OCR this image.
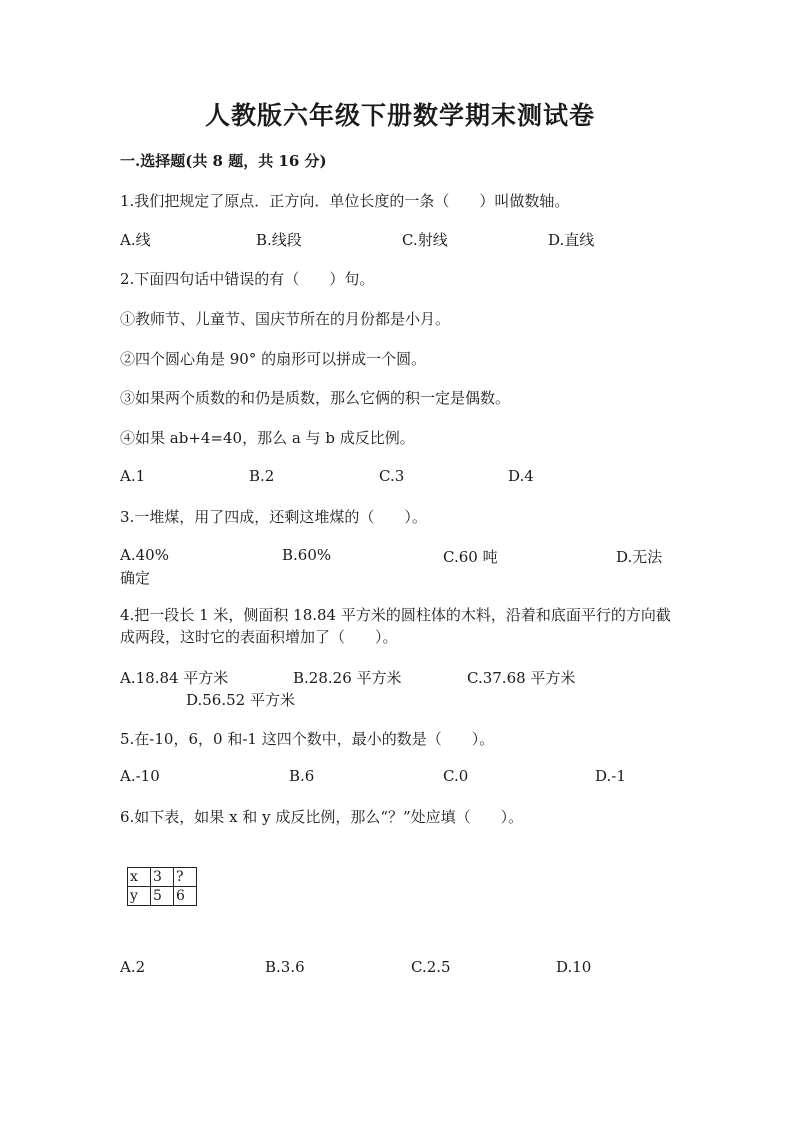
人教版六年级下册数学期末测试卷
一.选择题(共 8 题，共 16 分)
1.我们把规定了原点．正方向．单位长度的一条（　　）叫做数轴。
A.线	B.线段	C.射线	D.直线
2.下面四句话中错误的有（　　）句。
①教师节、儿童节、国庆节所在的月份都是小月。
②四个圆心角是 90° 的扇形可以拼成一个圆。
③如果两个质数的和仍是质数，那么它俩的积一定是偶数。
④如果 ab+4=40，那么 a 与 b 成反比例。
A.1	B.2	C.3	D.4
3.一堆煤，用了四成，还剩这堆煤的（　　）。
A.40%	B.60%	C.60 吨	D.无法
确定
4.把一段长 1 米，侧面积 18.84 平方米的圆柱体的木料，沿着和底面平行的方向截成两段，这时它的表面积增加了（　　）。
A.18.84 平方米	B.28.26 平方米	C.37.68 平方米
D.56.52 平方米
5.在-10，6，0 和-1 这四个数中，最小的数是（　　）。
A.-10	B.6	C.0	D.-1
6.如下表，如果 x 和 y 成反比例，那么“？”处应填（　　）。
x	3	?
y	5	6
A.2	B.3.6	C.2.5	D.10
